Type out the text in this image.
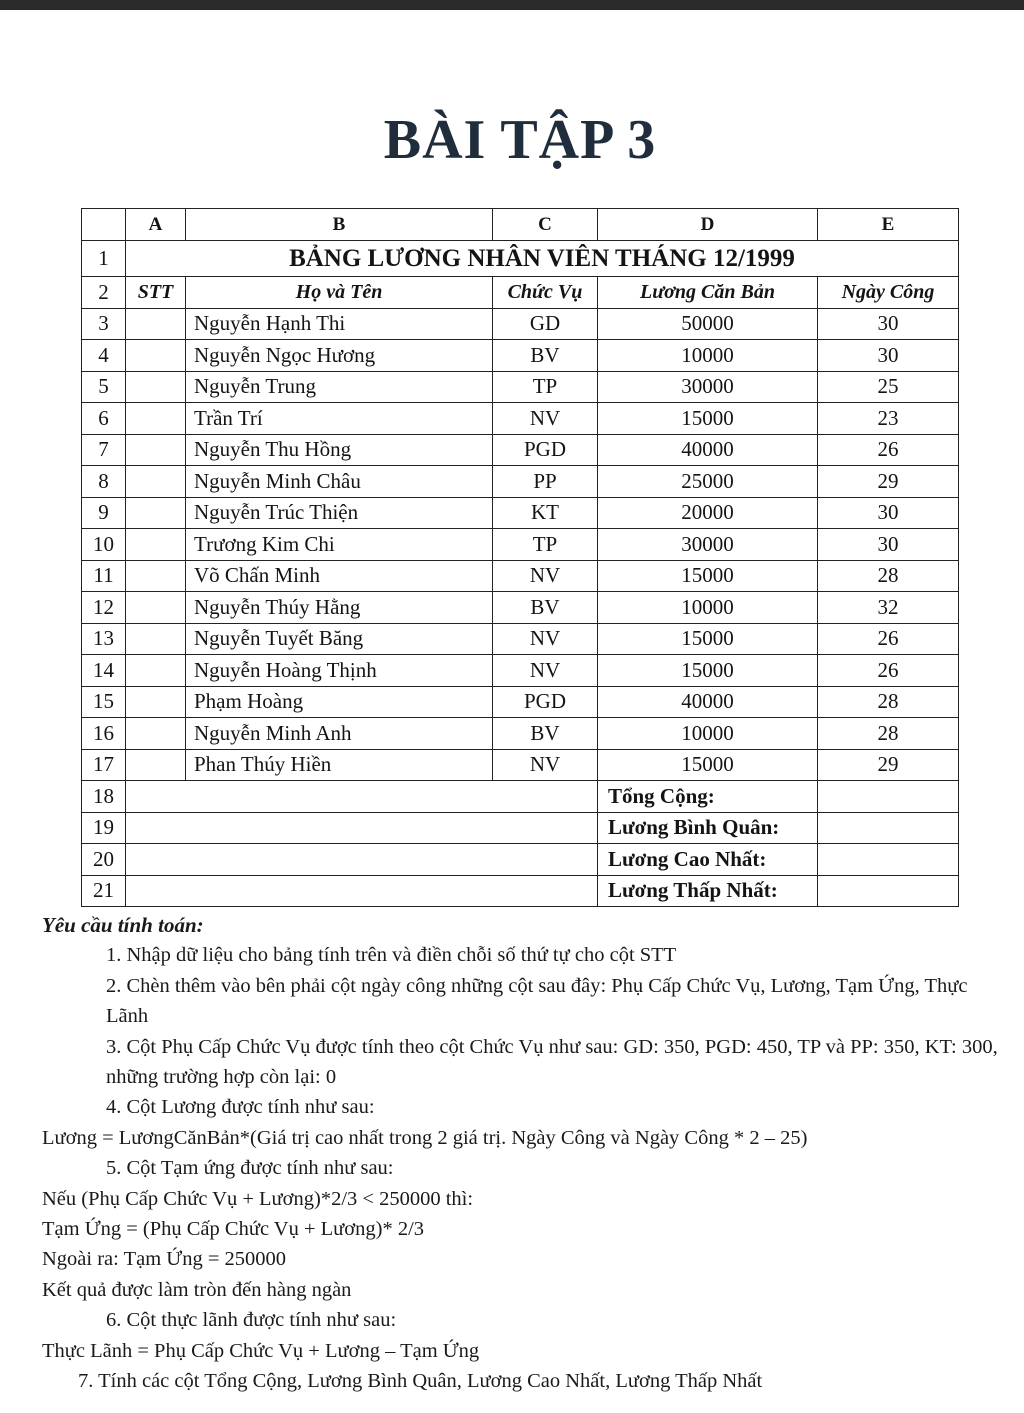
BÀI TẬP 3
	A	B	C	D	E
1	BẢNG LƯƠNG NHÂN VIÊN THÁNG 12/1999				
2	STT	Họ và Tên	Chức Vụ	Lương Căn Bản	Ngày Công
3		Nguyễn Hạnh Thi	GD	50000	30
4		Nguyễn Ngọc Hương	BV	10000	30
5		Nguyễn Trung	TP	30000	25
6		Trần Trí	NV	15000	23
7		Nguyễn Thu Hồng	PGD	40000	26
8		Nguyễn Minh Châu	PP	25000	29
9		Nguyễn Trúc Thiện	KT	20000	30
10		Trương Kim Chi	TP	30000	30
11		Võ Chấn Minh	NV	15000	28
12		Nguyễn Thúy Hằng	BV	10000	32
13		Nguyễn Tuyết Băng	NV	15000	26
14		Nguyễn Hoàng Thịnh	NV	15000	26
15		Phạm Hoàng	PGD	40000	28
16		Nguyễn Minh Anh	BV	10000	28
17		Phan Thúy Hiền	NV	15000	29
18				Tổng Cộng:	
19				Lương Bình Quân:	
20				Lương Cao Nhất:	
21				Lương Thấp Nhất:	
Yêu cầu tính toán:
1. Nhập dữ liệu cho bảng tính trên và điền chỗi số thứ tự cho cột STT
2. Chèn thêm vào bên phải cột ngày công những cột sau đây: Phụ Cấp Chức Vụ, Lương, Tạm Ứng, Thực Lãnh
3. Cột Phụ Cấp Chức Vụ được tính theo cột Chức Vụ như sau: GD: 350, PGD: 450, TP và PP: 350, KT: 300, những trường hợp còn lại: 0
4. Cột Lương được tính như sau:
Lương = LươngCănBản*(Giá trị cao nhất trong 2 giá trị. Ngày Công và Ngày Công * 2 – 25)
5. Cột Tạm ứng được tính như sau:
Nếu (Phụ Cấp Chức Vụ + Lương)*2/3 < 250000 thì:
Tạm Ứng = (Phụ Cấp Chức Vụ + Lương)* 2/3
Ngoài ra: Tạm Ứng = 250000
Kết quả được làm tròn đến hàng ngàn
6. Cột thực lãnh được tính như sau:
Thực Lãnh = Phụ Cấp Chức Vụ + Lương – Tạm Ứng
7. Tính các cột Tổng Cộng, Lương Bình Quân, Lương Cao Nhất, Lương Thấp Nhất
